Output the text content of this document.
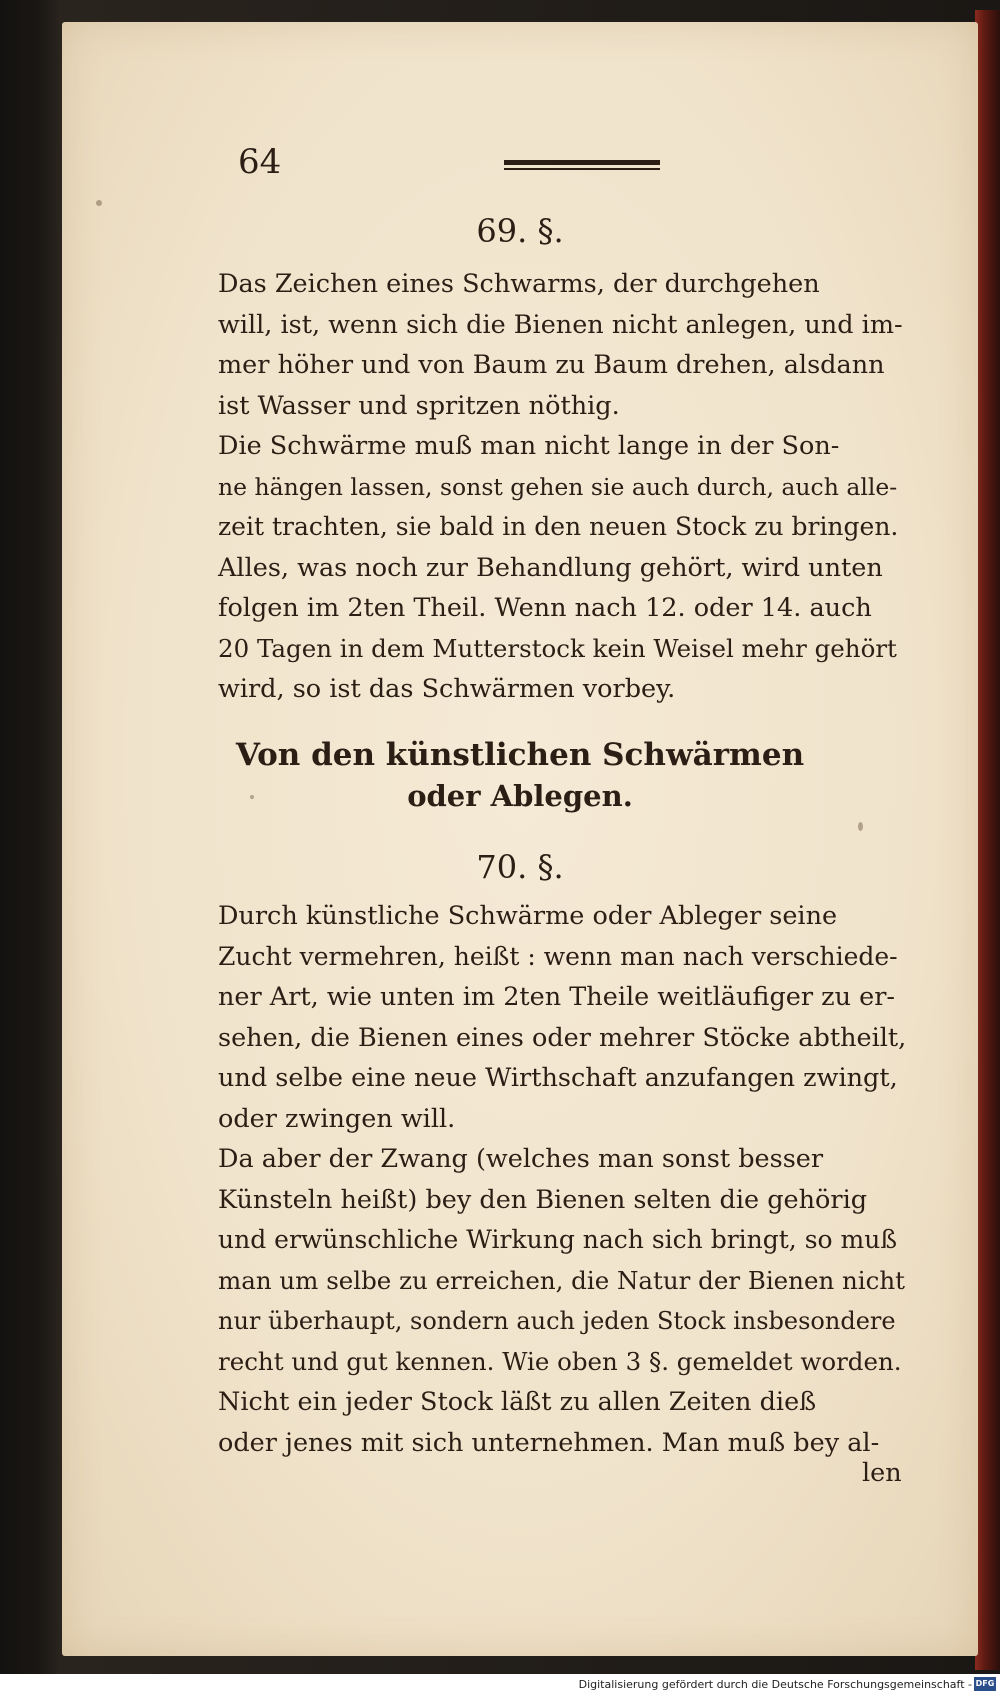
64
69. §.

Das Zeichen eines Schwarms, der durchgehen
will, ist, wenn sich die Bienen nicht anlegen, und im-
mer höher und von Baum zu Baum drehen, alsdann
ist Wasser und spritzen nöthig.

Die Schwärme muß man nicht lange in der Son-
ne hängen lassen, sonst gehen sie auch durch, auch alle-
zeit trachten, sie bald in den neuen Stock zu bringen.
Alles, was noch zur Behandlung gehört, wird unten
folgen im 2ten Theil. Wenn nach 12. oder 14. auch
20 Tagen in dem Mutterstock kein Weisel mehr gehört
wird, so ist das Schwärmen vorbey.

Von den künstlichen Schwärmen
oder Ablegen.
70. §.

Durch künstliche Schwärme oder Ableger seine
Zucht vermehren, heißt : wenn man nach verschiede-
ner Art, wie unten im 2ten Theile weitläufiger zu er-
sehen, die Bienen eines oder mehrer Stöcke abtheilt,
und selbe eine neue Wirthschaft anzufangen zwingt,
oder zwingen will.

Da aber der Zwang (welches man sonst besser
Künsteln heißt) bey den Bienen selten die gehörig
und erwünschliche Wirkung nach sich bringt, so muß
man um selbe zu erreichen, die Natur der Bienen nicht
nur überhaupt, sondern auch jeden Stock insbesondere
recht und gut kennen. Wie oben 3 §. gemeldet worden.

Nicht ein jeder Stock läßt zu allen Zeiten dieß
oder jenes mit sich unternehmen. Man muß bey al-

len
Digitalisierung gefördert durch die Deutsche Forschungsgemeinschaft - DFG
